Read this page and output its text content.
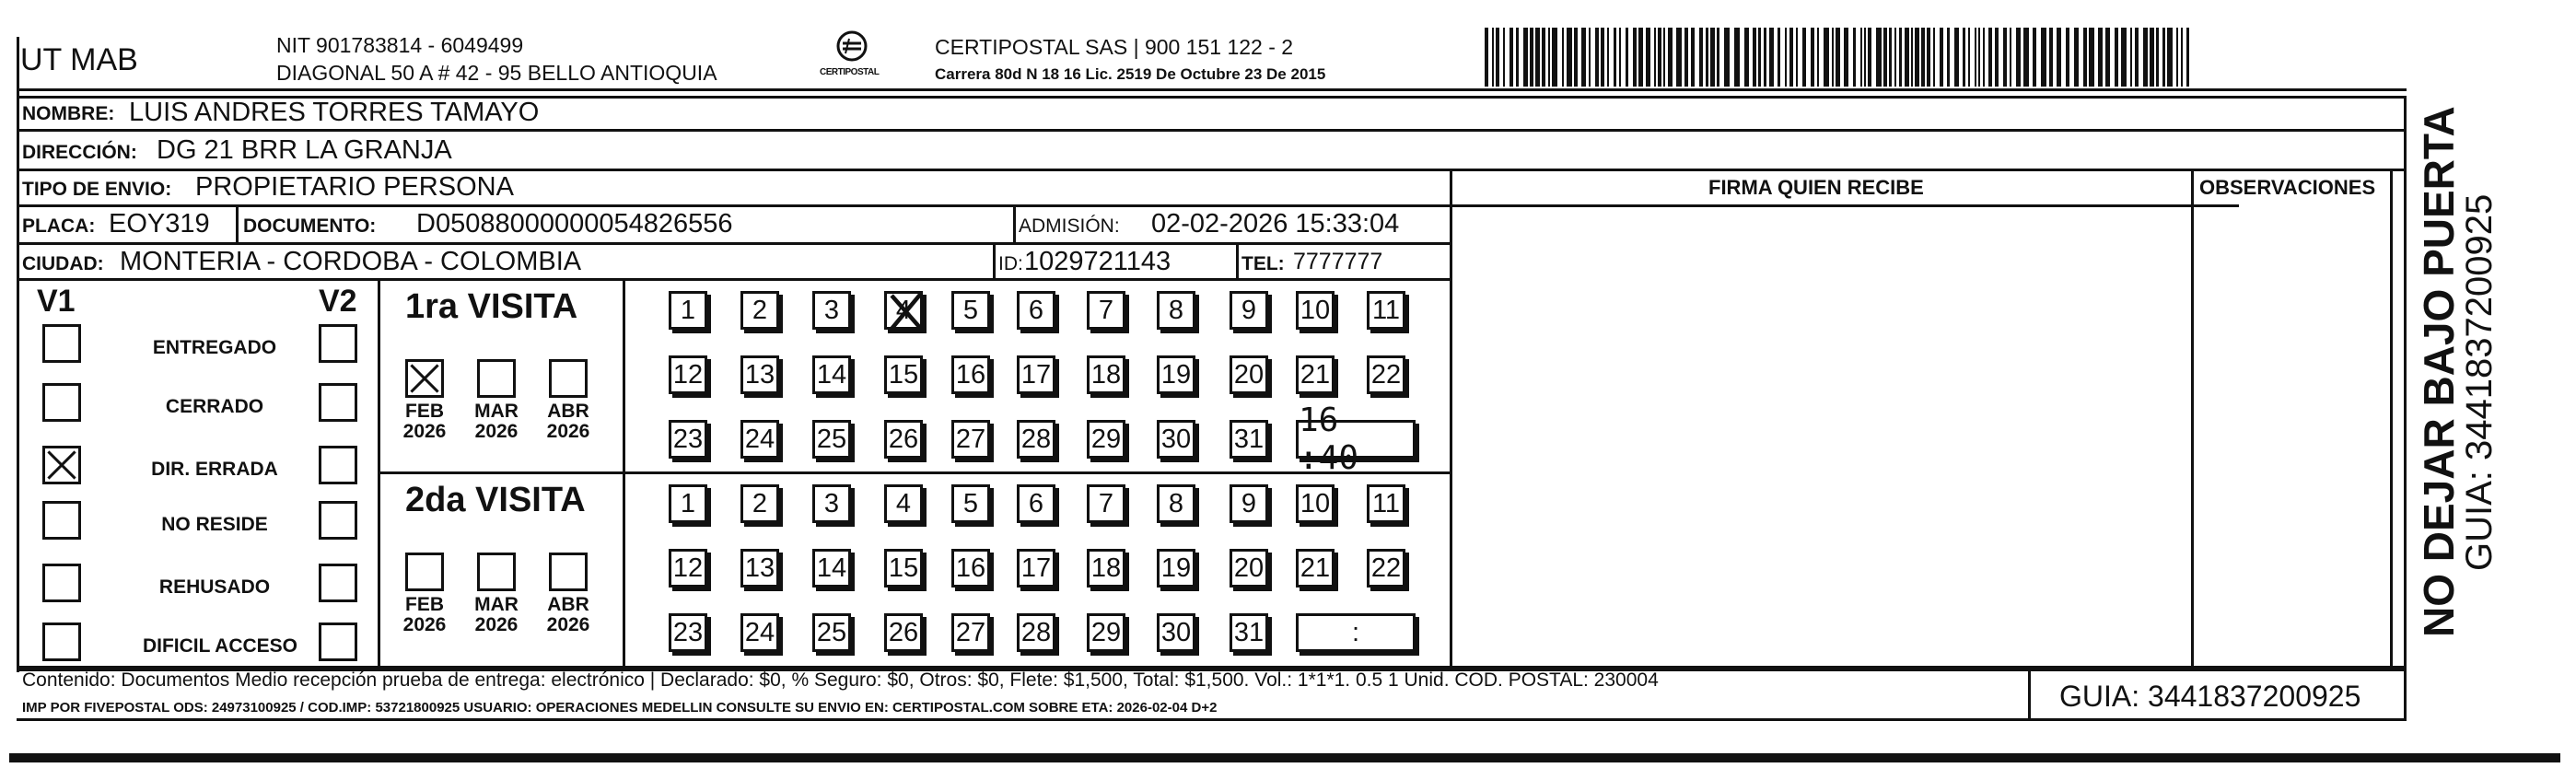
UT MAB	NIT 901783814 - 6049499
DIAGONAL 50 A # 42 - 95 BELLO ANTIOQUIA	CERTIPOSTAL
CERTIPOSTAL SAS | 900 151 122 - 2
Carrera 80d N 18 16 Lic. 2519 De Octubre 23 De 2015
NOMBRE: LUIS ANDRES TORRES TAMAYO
DIRECCIÓN: DG 21 BRR LA GRANJA
TIPO DE ENVIO: PROPIETARIO PERSONA
PLACA: EOY319 DOCUMENTO: D05088000000054826556	ADMISIÓN: 02-02-2026 15:33:04
CIUDAD: MONTERIA - CORDOBA - COLOMBIA	ID: 1029721143	TEL: 7777777
FIRMA QUIEN RECIBE	OBSERVACIONES
V1	V2
ENTREGADO
CERRADO
DIR. ERRADA
NO RESIDE
REHUSADO
DIFICIL ACCESO
1ra VISITA
FEB
2026
MAR
2026
ABR
2026
1 2 3 4 5 6 7 8 9 10 11
12 13 14 15 16 17 18 19 20 21 22
23 24 25 26 27 28 29 30 31 16 :40
2da VISITA
FEB
2026
MAR
2026
ABR
2026
1 2 3 4 5 6 7 8 9 10 11
12 13 14 15 16 17 18 19 20 21 22
23 24 25 26 27 28 29 30 31	:
Contenido: Documentos Medio recepción prueba de entrega: electrónico | Declarado: $0, % Seguro: $0, Otros: $0, Flete: $1,500, Total: $1,500. Vol.: 1*1*1. 0.5 1 Unid. COD. POSTAL: 230004
IMP POR FIVEPOSTAL ODS: 24973100925 / COD.IMP: 53721800925 USUARIO: OPERACIONES MEDELLIN CONSULTE SU ENVIO EN: CERTIPOSTAL.COM SOBRE ETA: 2026-02-04 D+2	GUIA: 3441837200925
NO DEJAR BAJO PUERTA
GUIA: 3441837200925
